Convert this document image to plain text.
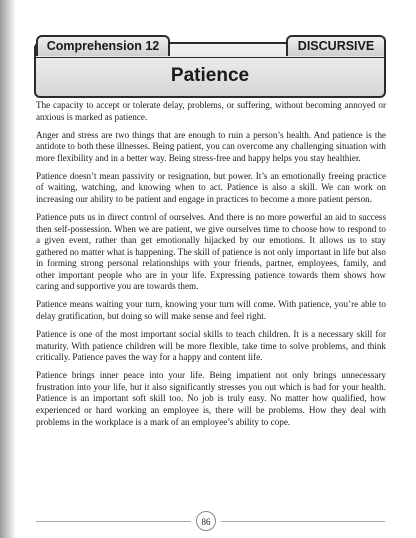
Comprehension 12	DISCURSIVE
Patience

The capacity to accept or tolerate delay, problems, or suffering, without becoming annoyed or anxious is marked as patience.

Anger and stress are two things that are enough to ruin a person’s health. And patience is the antidote to both these illnesses. Being patient, you can overcome any challenging situation with more flexibility and in a better way. Being stress-free and happy helps you stay healthier.

Patience doesn’t mean passivity or resignation, but power. It’s an emotionally freeing practice of waiting, watching, and knowing when to act. Patience is also a skill. We can work on increasing our ability to be patient and engage in practices to become a more patient person.

Patience puts us in direct control of ourselves. And there is no more powerful an aid to success then self-possession. When we are patient, we give ourselves time to choose how to respond to a given event, rather than get emotionally hijacked by our emotions. It allows us to stay gathered no matter what is happening. The skill of patience is not only important in life but also in forming strong personal relationships with your friends, partner, employees, family, and other important people who are in your life. Expressing patience towards them shows how caring and supportive you are towards them.

Patience means waiting your turn, knowing your turn will come. With patience, you’re able to delay gratification, but doing so will make sense and feel right.

Patience is one of the most important social skills to teach children. It is a necessary skill for maturity. With patience children will be more flexible, take time to solve problems, and think critically. Patience paves the way for a happy and content life.

Patience brings inner peace into your life. Being impatient not only brings unnecessary frustration into your life, but it also significantly stresses you out which is bad for your health. Patience is an important soft skill too. No job is truly easy. No matter how qualified, how experienced or hard working an employee is, there will be problems. How they deal with problems in the workplace is a mark of an employee’s ability to cope.

86
